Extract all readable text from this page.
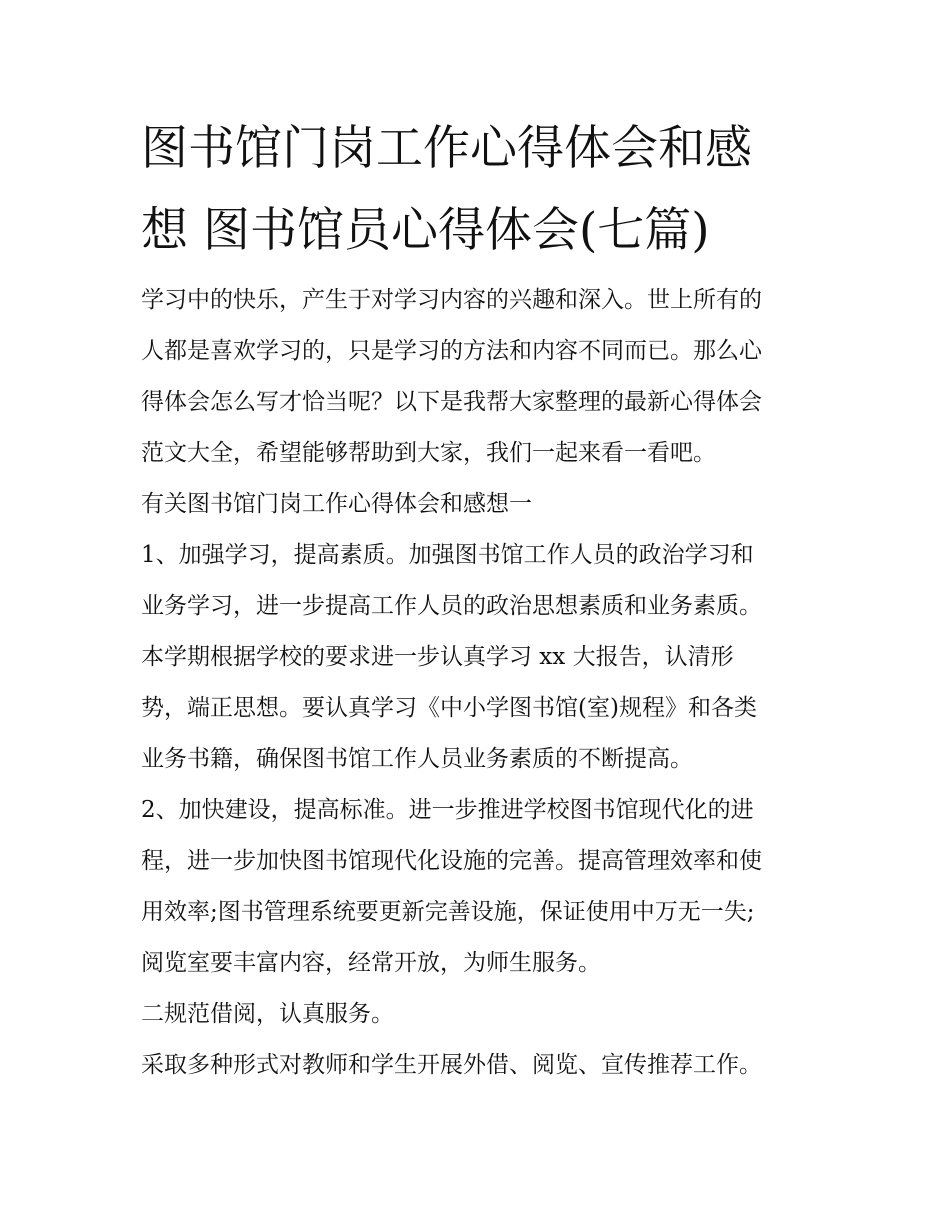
图书馆门岗工作心得体会和感
想 图书馆员心得体会(七篇)
学习中的快乐，产生于对学习内容的兴趣和深入。世上所有的
人都是喜欢学习的，只是学习的方法和内容不同而已。那么心
得体会怎么写才恰当呢？以下是我帮大家整理的最新心得体会
范文大全，希望能够帮助到大家，我们一起来看一看吧。
有关图书馆门岗工作心得体会和感想一
1、加强学习，提高素质。加强图书馆工作人员的政治学习和
业务学习，进一步提高工作人员的政治思想素质和业务素质。
本学期根据学校的要求进一步认真学习 xx 大报告，认清形
势，端正思想。要认真学习《中小学图书馆(室)规程》和各类
业务书籍，确保图书馆工作人员业务素质的不断提高。
2、加快建设，提高标准。进一步推进学校图书馆现代化的进
程，进一步加快图书馆现代化设施的完善。提高管理效率和使
用效率;图书管理系统要更新完善设施，保证使用中万无一失;
阅览室要丰富内容，经常开放，为师生服务。
二规范借阅，认真服务。
采取多种形式对教师和学生开展外借、阅览、宣传推荐工作。
